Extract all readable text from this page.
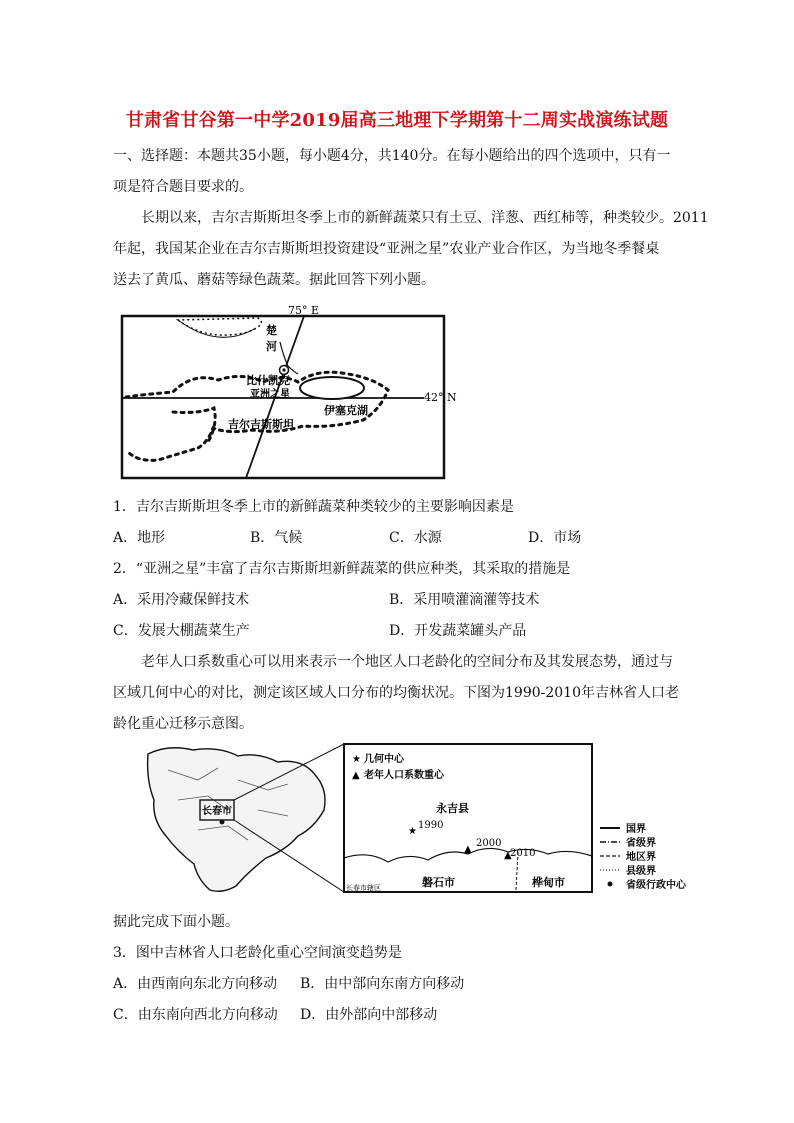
甘肃省甘谷第一中学2019届高三地理下学期第十二周实战演练试题
一、选择题：本题共35小题，每小题4分，共140分。在每小题给出的四个选项中，只有一
项是符合题目要求的。
长期以来，吉尔吉斯斯坦冬季上市的新鲜蔬菜只有土豆、洋葱、西红柿等，种类较少。2011
年起，我国某企业在吉尔吉斯斯坦投资建设“亚洲之星”农业产业合作区，为当地冬季餐桌
送去了黄瓜、蘑菇等绿色蔬菜。据此回答下列小题。
75° E
42° N
楚
河
比什凯克
亚洲之星
伊塞克湖
吉尔吉斯斯坦
1．吉尔吉斯斯坦冬季上市的新鲜蔬菜种类较少的主要影响因素是
A．地形	B．气候	C．水源	D．市场
2．“亚洲之星”丰富了吉尔吉斯斯坦新鲜蔬菜的供应种类，其采取的措施是
A．采用冷藏保鲜技术	B．采用喷灌滴灌等技术
C．发展大棚蔬菜生产	D．开发蔬菜罐头产品
老年人口系数重心可以用来表示一个地区人口老龄化的空间分布及其发展态势，通过与
区域几何中心的对比，测定该区域人口分布的均衡状况。下图为1990-2010年吉林省人口老
龄化重心迁移示意图。
长春市
★ 几何中心
▲ 老年人口系数重心
永吉县
★
1990
▲
2000
▲
2010
磐石市	桦甸市
长春市辖区
国界
省级界
地区界
县级界
省级行政中心
据此完成下面小题。
3．图中吉林省人口老龄化重心空间演变趋势是
A．由西南向东北方向移动 B．由中部向东南方向移动
C．由东南向西北方向移动 D．由外部向中部移动
